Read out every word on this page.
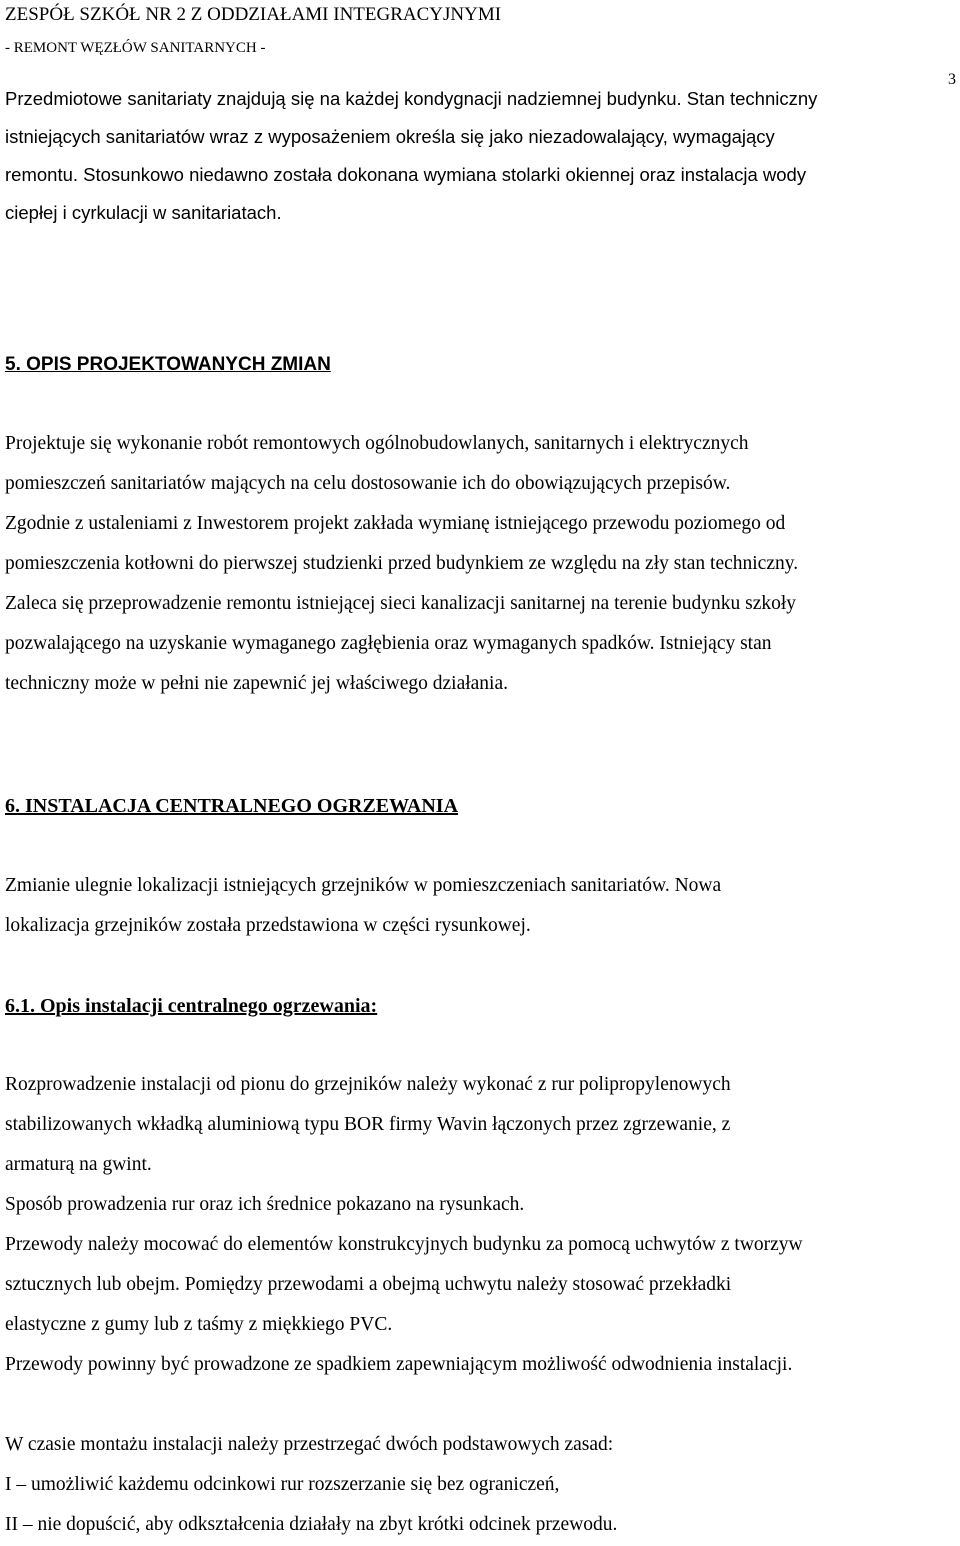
ZESPÓŁ SZKÓŁ NR 2 Z ODDZIAŁAMI INTEGRACYJNYMI
- REMONT WĘZŁÓW SANITARNYCH -
3
Przedmiotowe sanitariaty znajdują się na każdej kondygnacji nadziemnej budynku. Stan techniczny
istniejących sanitariatów wraz z wyposażeniem określa się jako niezadowalający, wymagający
remontu. Stosunkowo niedawno została dokonana wymiana stolarki okiennej oraz instalacja wody
ciepłej i cyrkulacji w sanitariatach.
5. OPIS PROJEKTOWANYCH ZMIAN
Projektuje się wykonanie robót remontowych ogólnobudowlanych, sanitarnych i elektrycznych
pomieszczeń sanitariatów mających na celu dostosowanie ich do obowiązujących przepisów.
Zgodnie z ustaleniami z Inwestorem projekt zakłada wymianę istniejącego przewodu poziomego od
pomieszczenia kotłowni do pierwszej studzienki przed budynkiem ze względu na zły stan techniczny.
Zaleca się przeprowadzenie remontu istniejącej sieci kanalizacji sanitarnej na terenie budynku szkoły
pozwalającego na uzyskanie wymaganego zagłębienia oraz wymaganych spadków. Istniejący stan
techniczny może w pełni nie zapewnić jej właściwego działania.
6. INSTALACJA CENTRALNEGO OGRZEWANIA
Zmianie ulegnie lokalizacji istniejących grzejników w pomieszczeniach sanitariatów. Nowa
lokalizacja grzejników została przedstawiona w części rysunkowej.
6.1. Opis instalacji centralnego ogrzewania:
Rozprowadzenie instalacji od pionu do grzejników należy wykonać z rur polipropylenowych
stabilizowanych wkładką aluminiową typu BOR firmy Wavin łączonych przez zgrzewanie, z
armaturą na gwint.
Sposób prowadzenia rur oraz ich średnice pokazano na rysunkach.
Przewody należy mocować do elementów konstrukcyjnych budynku za pomocą uchwytów z tworzyw
sztucznych lub obejm. Pomiędzy przewodami a obejmą uchwytu należy stosować przekładki
elastyczne z gumy lub z taśmy z miękkiego PVC.
Przewody powinny być prowadzone ze spadkiem zapewniającym możliwość odwodnienia instalacji.
W czasie montażu instalacji należy przestrzegać dwóch podstawowych zasad:
I – umożliwić każdemu odcinkowi rur rozszerzanie się bez ograniczeń,
II – nie dopuścić, aby odkształcenia działały na zbyt krótki odcinek przewodu.
